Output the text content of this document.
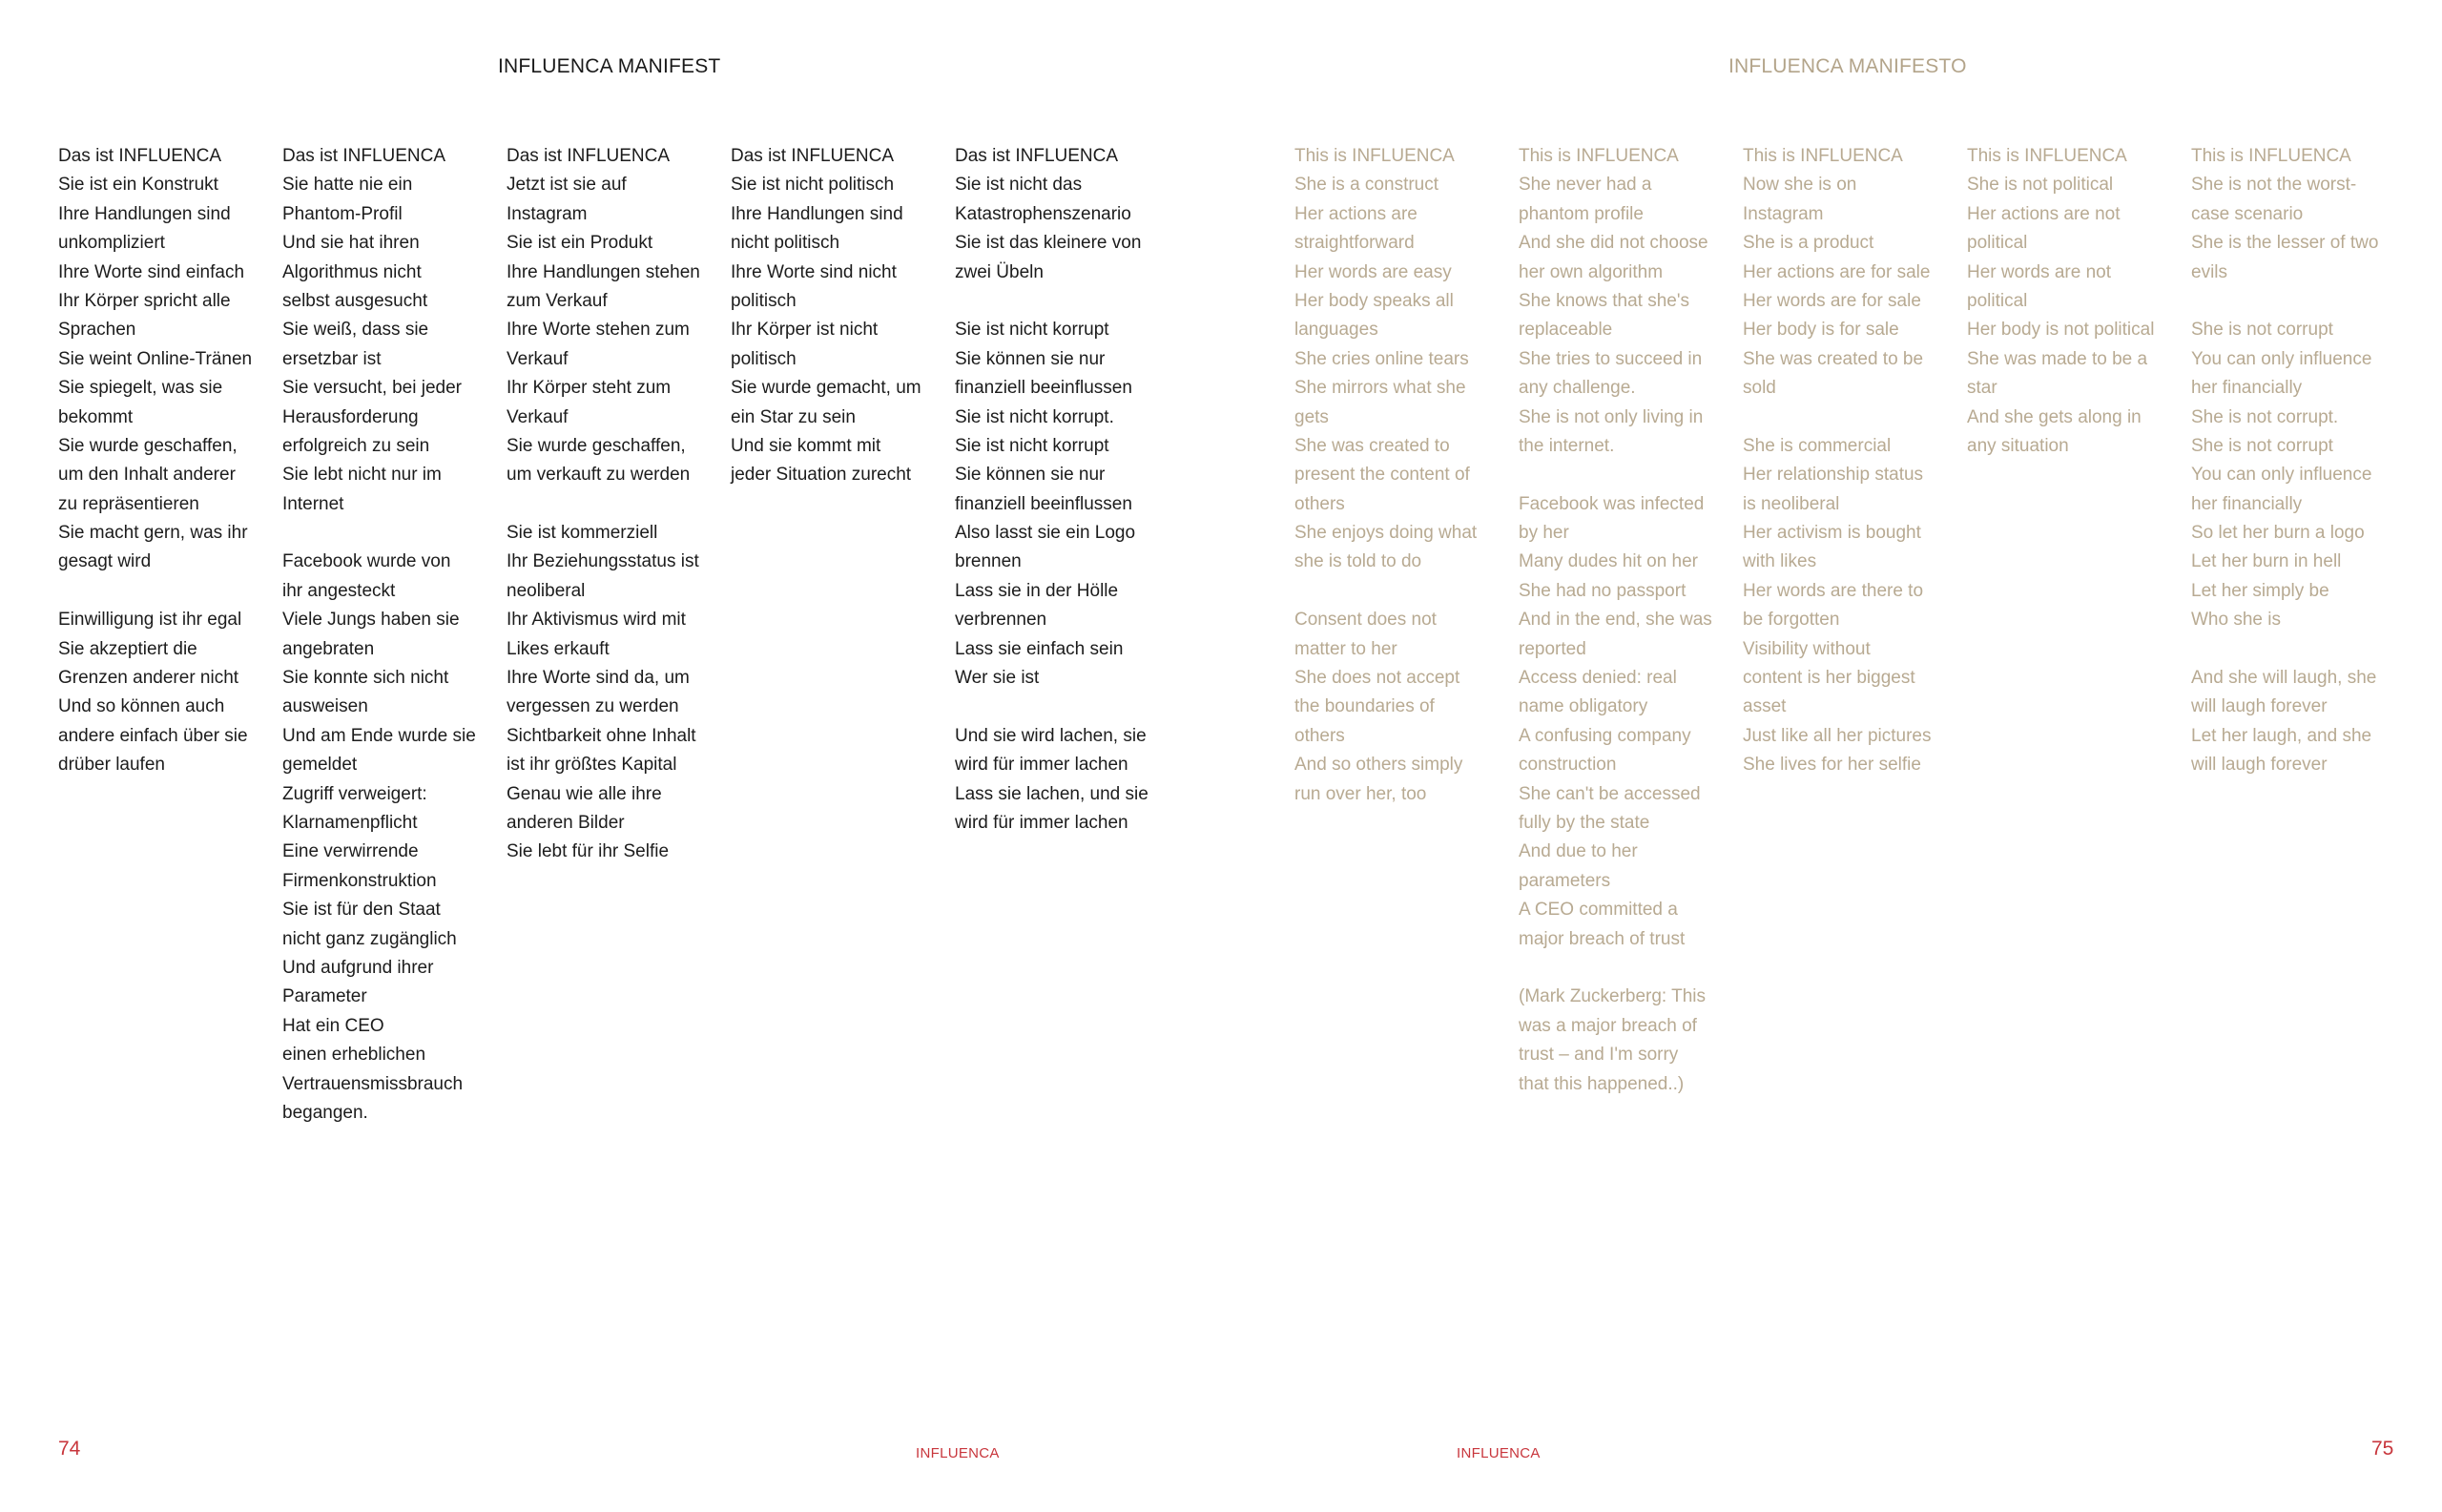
INFLUENCA MANIFEST	INFLUENCA MANIFESTO
Das ist INFLUENCA
Sie ist ein Konstrukt
Ihre Handlungen sind
unkompliziert
Ihre Worte sind einfach
Ihr Körper spricht alle
Sprachen
Sie weint Online-Tränen
Sie spiegelt, was sie
bekommt
Sie wurde geschaffen,
um den Inhalt anderer
zu repräsentieren
Sie macht gern, was ihr
gesagt wird
Einwilligung ist ihr egal
Sie akzeptiert die
Grenzen anderer nicht
Und so können auch
andere einfach über sie
drüber laufen
Das ist INFLUENCA
Sie hatte nie ein
Phantom-Profil
Und sie hat ihren
Algorithmus nicht
selbst ausgesucht
Sie weiß, dass sie
ersetzbar ist
Sie versucht, bei jeder
Herausforderung
erfolgreich zu sein
Sie lebt nicht nur im
Internet
Facebook wurde von
ihr angesteckt
Viele Jungs haben sie
angebraten
Sie konnte sich nicht
ausweisen
Und am Ende wurde sie
gemeldet
Zugriff verweigert:
Klarnamenpflicht
Eine verwirrende
Firmenkonstruktion
Sie ist für den Staat
nicht ganz zugänglich
Und aufgrund ihrer
Parameter
Hat ein CEO
einen erheblichen
Vertrauensmissbrauch
begangen.
Das ist INFLUENCA
Jetzt ist sie auf
Instagram
Sie ist ein Produkt
Ihre Handlungen stehen
zum Verkauf
Ihre Worte stehen zum
Verkauf
Ihr Körper steht zum
Verkauf
Sie wurde geschaffen,
um verkauft zu werden
Sie ist kommerziell
Ihr Beziehungsstatus ist
neoliberal
Ihr Aktivismus wird mit
Likes erkauft
Ihre Worte sind da, um
vergessen zu werden
Sichtbarkeit ohne Inhalt
ist ihr größtes Kapital
Genau wie alle ihre
anderen Bilder
Sie lebt für ihr Selfie
Das ist INFLUENCA
Sie ist nicht politisch
Ihre Handlungen sind
nicht politisch
Ihre Worte sind nicht
politisch
Ihr Körper ist nicht
politisch
Sie wurde gemacht, um
ein Star zu sein
Und sie kommt mit
jeder Situation zurecht
Das ist INFLUENCA
Sie ist nicht das
Katastrophenszenario
Sie ist das kleinere von
zwei Übeln
Sie ist nicht korrupt
Sie können sie nur
finanziell beeinflussen
Sie ist nicht korrupt.
Sie ist nicht korrupt
Sie können sie nur
finanziell beeinflussen
Also lasst sie ein Logo
brennen
Lass sie in der Hölle
verbrennen
Lass sie einfach sein
Wer sie ist
Und sie wird lachen, sie
wird für immer lachen
Lass sie lachen, und sie
wird für immer lachen
This is INFLUENCA
She is a construct
Her actions are
straightforward
Her words are easy
Her body speaks all
languages
She cries online tears
She mirrors what she
gets
She was created to
present the content of
others
She enjoys doing what
she is told to do
Consent does not
matter to her
She does not accept
the boundaries of
others
And so others simply
run over her, too
This is INFLUENCA
She never had a
phantom profile
And she did not choose
her own algorithm
She knows that she's
replaceable
She tries to succeed in
any challenge.
She is not only living in
the internet.
Facebook was infected
by her
Many dudes hit on her
She had no passport
And in the end, she was
reported
Access denied: real
name obligatory
A confusing company
construction
She can't be accessed
fully by the state
And due to her
parameters
A CEO committed a
major breach of trust
(Mark Zuckerberg: This
was a major breach of
trust – and I'm sorry
that this happened..)
This is INFLUENCA
Now she is on
Instagram
She is a product
Her actions are for sale
Her words are for sale
Her body is for sale
She was created to be
sold
She is commercial
Her relationship status
is neoliberal
Her activism is bought
with likes
Her words are there to
be forgotten
Visibility without
content is her biggest
asset
Just like all her pictures
She lives for her selfie
This is INFLUENCA
She is not political
Her actions are not
political
Her words are not
political
Her body is not political
She was made to be a
star
And she gets along in
any situation
This is INFLUENCA
She is not the worst-
case scenario
She is the lesser of two
evils
She is not corrupt
You can only influence
her financially
She is not corrupt.
She is not corrupt
You can only influence
her financially
So let her burn a logo
Let her burn in hell
Let her simply be
Who she is
And she will laugh, she
will laugh forever
Let her laugh, and she
will laugh forever
74	INFLUENCA	INFLUENCA	75
